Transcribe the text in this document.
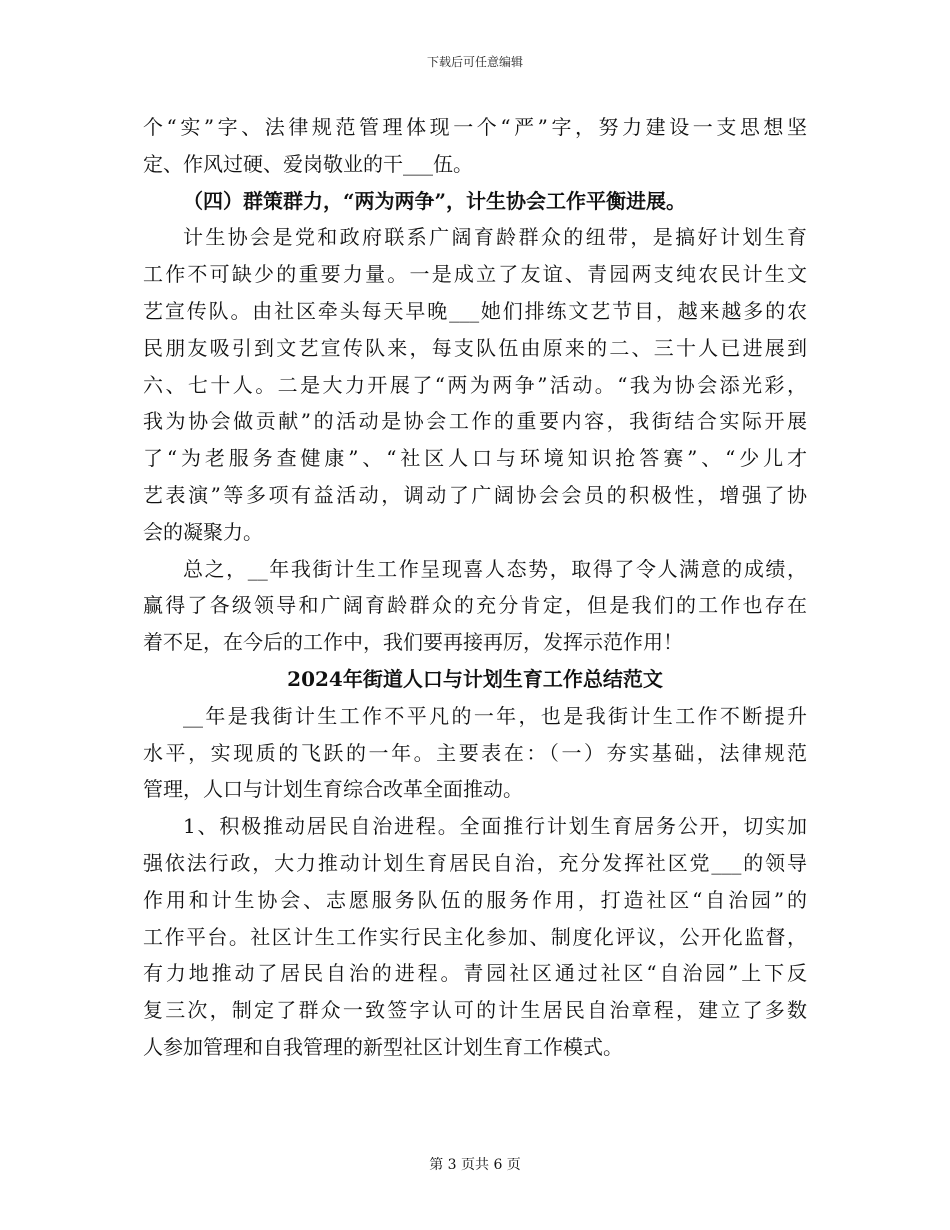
下载后可任意编辑
个“实”字、法律规范管理体现一个“严”字，努力建设一支思想坚
定、作风过硬、爱岗敬业的干___伍。
（四）群策群力，“两为两争”，计生协会工作平衡进展。
计生协会是党和政府联系广阔育龄群众的纽带，是搞好计划生育
工作不可缺少的重要力量。一是成立了友谊、青园两支纯农民计生文
艺宣传队。由社区牵头每天早晚___她们排练文艺节目，越来越多的农
民朋友吸引到文艺宣传队来，每支队伍由原来的二、三十人已进展到
六、七十人。二是大力开展了“两为两争”活动。“我为协会添光彩，
我为协会做贡献”的活动是协会工作的重要内容，我街结合实际开展
了“为老服务查健康”、“社区人口与环境知识抢答赛”、“少儿才
艺表演”等多项有益活动，调动了广阔协会会员的积极性，增强了协
会的凝聚力。
总之，__年我街计生工作呈现喜人态势，取得了令人满意的成绩，
赢得了各级领导和广阔育龄群众的充分肯定，但是我们的工作也存在
着不足，在今后的工作中，我们要再接再厉，发挥示范作用！
2024年街道人口与计划生育工作总结范文
__年是我街计生工作不平凡的一年，也是我街计生工作不断提升
水平，实现质的飞跃的一年。主要表在：（一）夯实基础，法律规范
管理，人口与计划生育综合改革全面推动。
1、积极推动居民自治进程。全面推行计划生育居务公开，切实加
强依法行政，大力推动计划生育居民自治，充分发挥社区党___的领导
作用和计生协会、志愿服务队伍的服务作用，打造社区“自治园”的
工作平台。社区计生工作实行民主化参加、制度化评议，公开化监督，
有力地推动了居民自治的进程。青园社区通过社区“自治园”上下反
复三次，制定了群众一致签字认可的计生居民自治章程，建立了多数
人参加管理和自我管理的新型社区计划生育工作模式。
第 3 页共 6 页
